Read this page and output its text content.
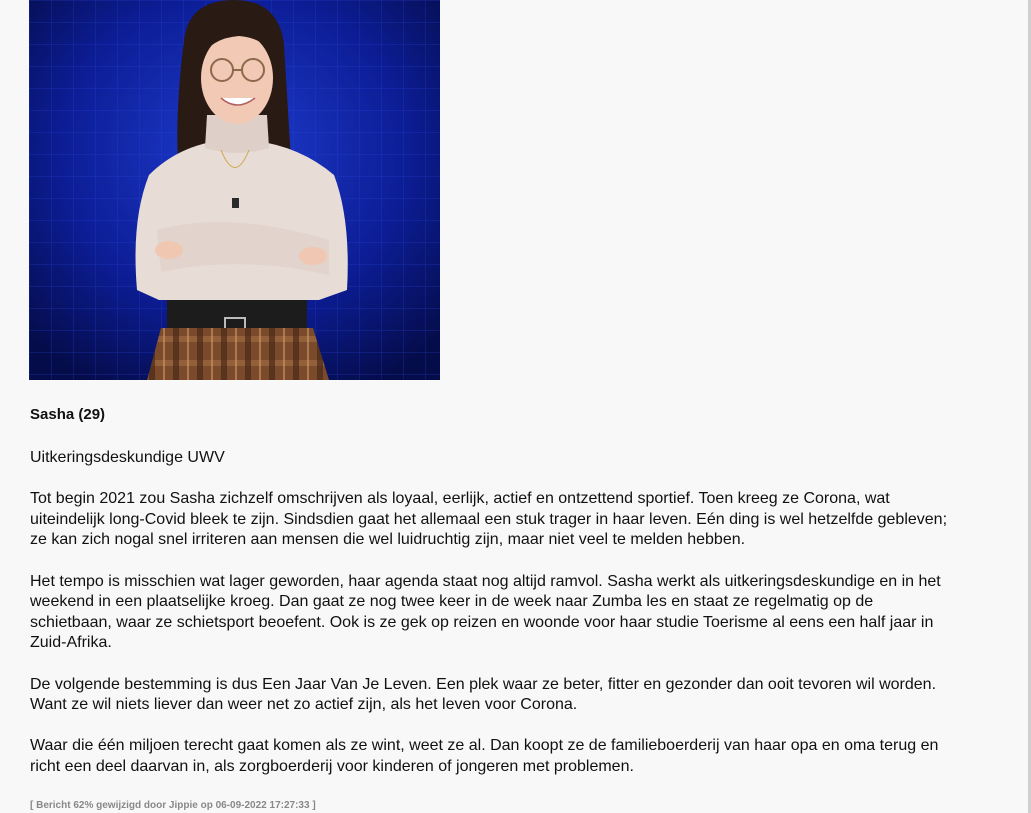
Sasha (29)

Uitkeringsdeskundige UWV

Tot begin 2021 zou Sasha zichzelf omschrijven als loyaal, eerlijk, actief en ontzettend sportief. Toen kreeg ze Corona, wat uiteindelijk long-Covid bleek te zijn. Sindsdien gaat het allemaal een stuk trager in haar leven. Eén ding is wel hetzelfde gebleven; ze kan zich nogal snel irriteren aan mensen die wel luidruchtig zijn, maar niet veel te melden hebben.

Het tempo is misschien wat lager geworden, haar agenda staat nog altijd ramvol. Sasha werkt als uitkeringsdeskundige en in het weekend in een plaatselijke kroeg. Dan gaat ze nog twee keer in de week naar Zumba les en staat ze regelmatig op de schietbaan, waar ze schietsport beoefent. Ook is ze gek op reizen en woonde voor haar studie Toerisme al eens een half jaar in Zuid-Afrika.

De volgende bestemming is dus Een Jaar Van Je Leven. Een plek waar ze beter, fitter en gezonder dan ooit tevoren wil worden. Want ze wil niets liever dan weer net zo actief zijn, als het leven voor Corona.

Waar die één miljoen terecht gaat komen als ze wint, weet ze al. Dan koopt ze de familieboerderij van haar opa en oma terug en richt een deel daarvan in, als zorgboerderij voor kinderen of jongeren met problemen.

[ Bericht 62% gewijzigd door Jippie op 06-09-2022 17:27:33 ]
